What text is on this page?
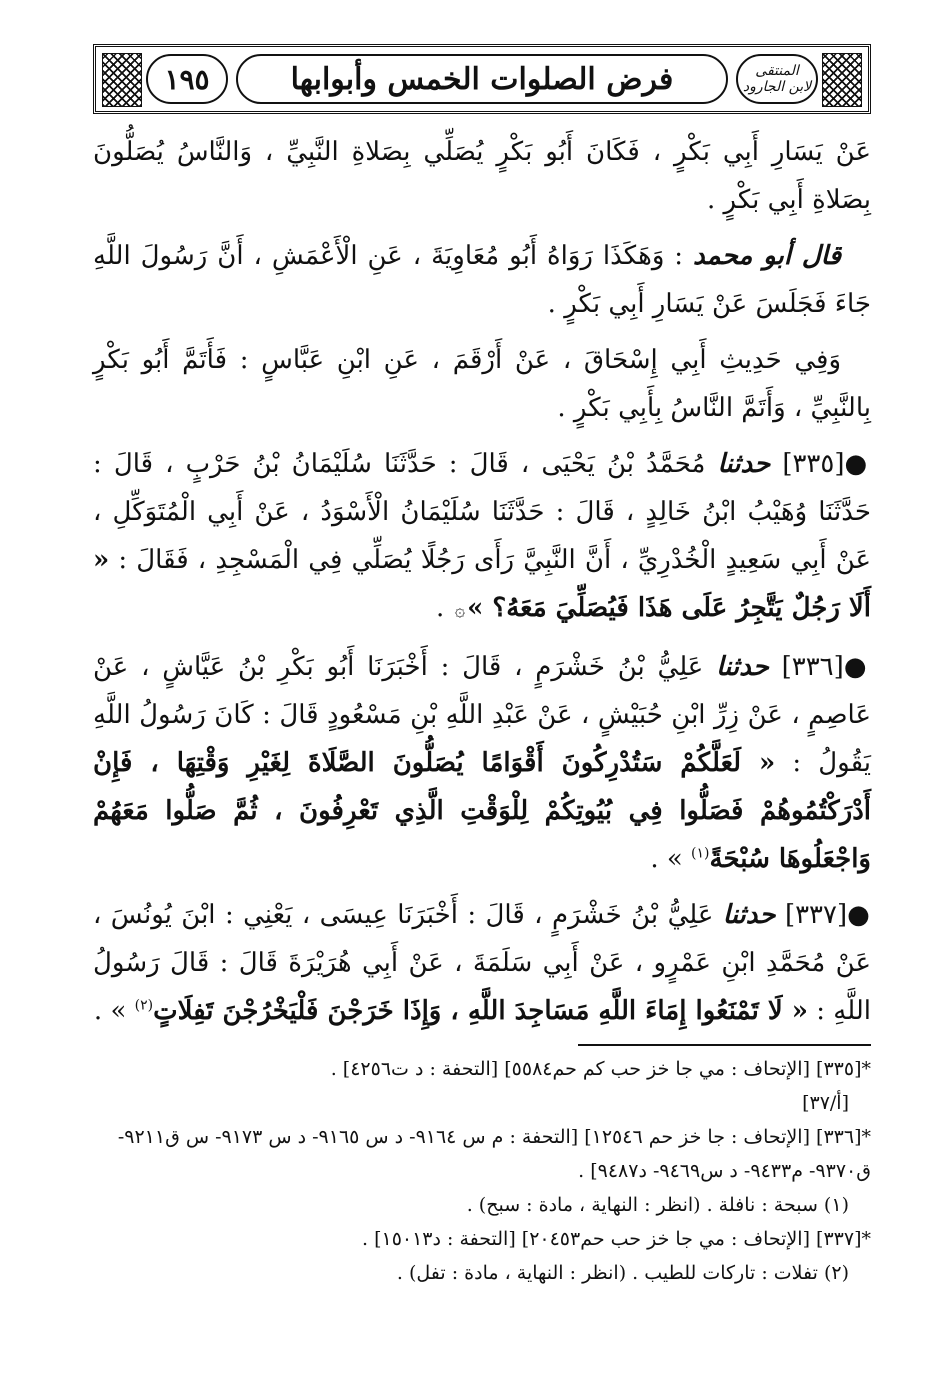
١٩٥	فرض الصلوات الخمس وأبوابها	المنتقى
لابن الجارود

عَنْ يَسَارِ أَبِي بَكْرٍ ، فَكَانَ أَبُو بَكْرٍ يُصَلِّي بِصَلاةِ النَّبِيِّ ، وَالنَّاسُ يُصَلُّونَ بِصَلاةِ أَبِي بَكْرٍ .

قال أبو محمد : وَهَكَذَا رَوَاهُ أَبُو مُعَاوِيَةَ ، عَنِ الْأَعْمَشِ ، أَنَّ رَسُولَ اللَّهِ جَاءَ فَجَلَسَ عَنْ يَسَارِ أَبِي بَكْرٍ .

وَفِي حَدِيثِ أَبِي إِسْحَاقَ ، عَنْ أَرْقَمَ ، عَنِ ابْنِ عَبَّاسٍ : فَأَتَمَّ أَبُو بَكْرٍ بِالنَّبِيِّ ، وَأَتَمَّ النَّاسُ بِأَبِي بَكْرٍ .

●[٣٣٥] حدثنا مُحَمَّدُ بْنُ يَحْيَى ، قَالَ : حَدَّثَنَا سُلَيْمَانُ بْنُ حَرْبٍ ، قَالَ : حَدَّثَنَا وُهَيْبُ ابْنُ خَالِدٍ ، قَالَ : حَدَّثَنَا سُلَيْمَانُ الْأَسْوَدُ ، عَنْ أَبِي الْمُتَوَكِّلِ ، عَنْ أَبِي سَعِيدٍ الْخُدْرِيِّ ، أَنَّ النَّبِيَّ رَأَى رَجُلًا يُصَلِّي فِي الْمَسْجِدِ ، فَقَالَ : « أَلَا رَجُلٌ يَتَّجِرُ عَلَى هَذَا فَيُصَلِّيَ مَعَهُ؟ »۞ .

●[٣٣٦] حدثنا عَلِيُّ بْنُ خَشْرَمٍ ، قَالَ : أَخْبَرَنَا أَبُو بَكْرِ بْنُ عَيَّاشٍ ، عَنْ عَاصِمٍ ، عَنْ زِرِّ ابْنِ حُبَيْشٍ ، عَنْ عَبْدِ اللَّهِ بْنِ مَسْعُودٍ قَالَ : كَانَ رَسُولُ اللَّهِ يَقُولُ : « لَعَلَّكُمْ سَتُدْرِكُونَ أَقْوَامًا يُصَلُّونَ الصَّلَاةَ لِغَيْرِ وَقْتِهَا ، فَإِنْ أَدْرَكْتُمُوهُمْ فَصَلُّوا فِي بُيُوتِكُمْ لِلْوَقْتِ الَّذِي تَعْرِفُونَ ، ثُمَّ صَلُّوا مَعَهُمْ وَاجْعَلُوهَا سُبْحَةً$^{(١)}$ » .

●[٣٣٧] حدثنا عَلِيُّ بْنُ خَشْرَمٍ ، قَالَ : أَخْبَرَنَا عِيسَى ، يَعْنِي : ابْنَ يُونُسَ ، عَنْ مُحَمَّدِ ابْنِ عَمْرٍو ، عَنْ أَبِي سَلَمَةَ ، عَنْ أَبِي هُرَيْرَةَ قَالَ : قَالَ رَسُولُ اللَّهِ : « لَا تَمْنَعُوا إِمَاءَ اللَّهِ مَسَاجِدَ اللَّهِ ، وَإِذَا خَرَجْنَ فَلْيَخْرُجْنَ تَفِلَاتٍ$^{(٢)}$ » .

*[٣٣٥] [الإتحاف : مي جا خز حب كم حم٥٥٨٤] [التحفة : د ت٤٢٥٦] .

[أ/٣٧]

*[٣٣٦] [الإتحاف : جا خز حم ١٢٥٤٦] [التحفة : م س ٩١٦٤- د س ٩١٦٥- د س ٩١٧٣- س ق٩٢١١- ق٩٣٧٠- م٩٤٣٣- د س٩٤٦٩- د٩٤٨٧] .

(١) سبحة : نافلة . (انظر : النهاية ، مادة : سبح) .

*[٣٣٧] [الإتحاف : مي جا خز حب حم٢٠٤٥٣] [التحفة : د١٥٠١٣] .

(٢) تفلات : تاركات للطيب . (انظر : النهاية ، مادة : تفل) .
